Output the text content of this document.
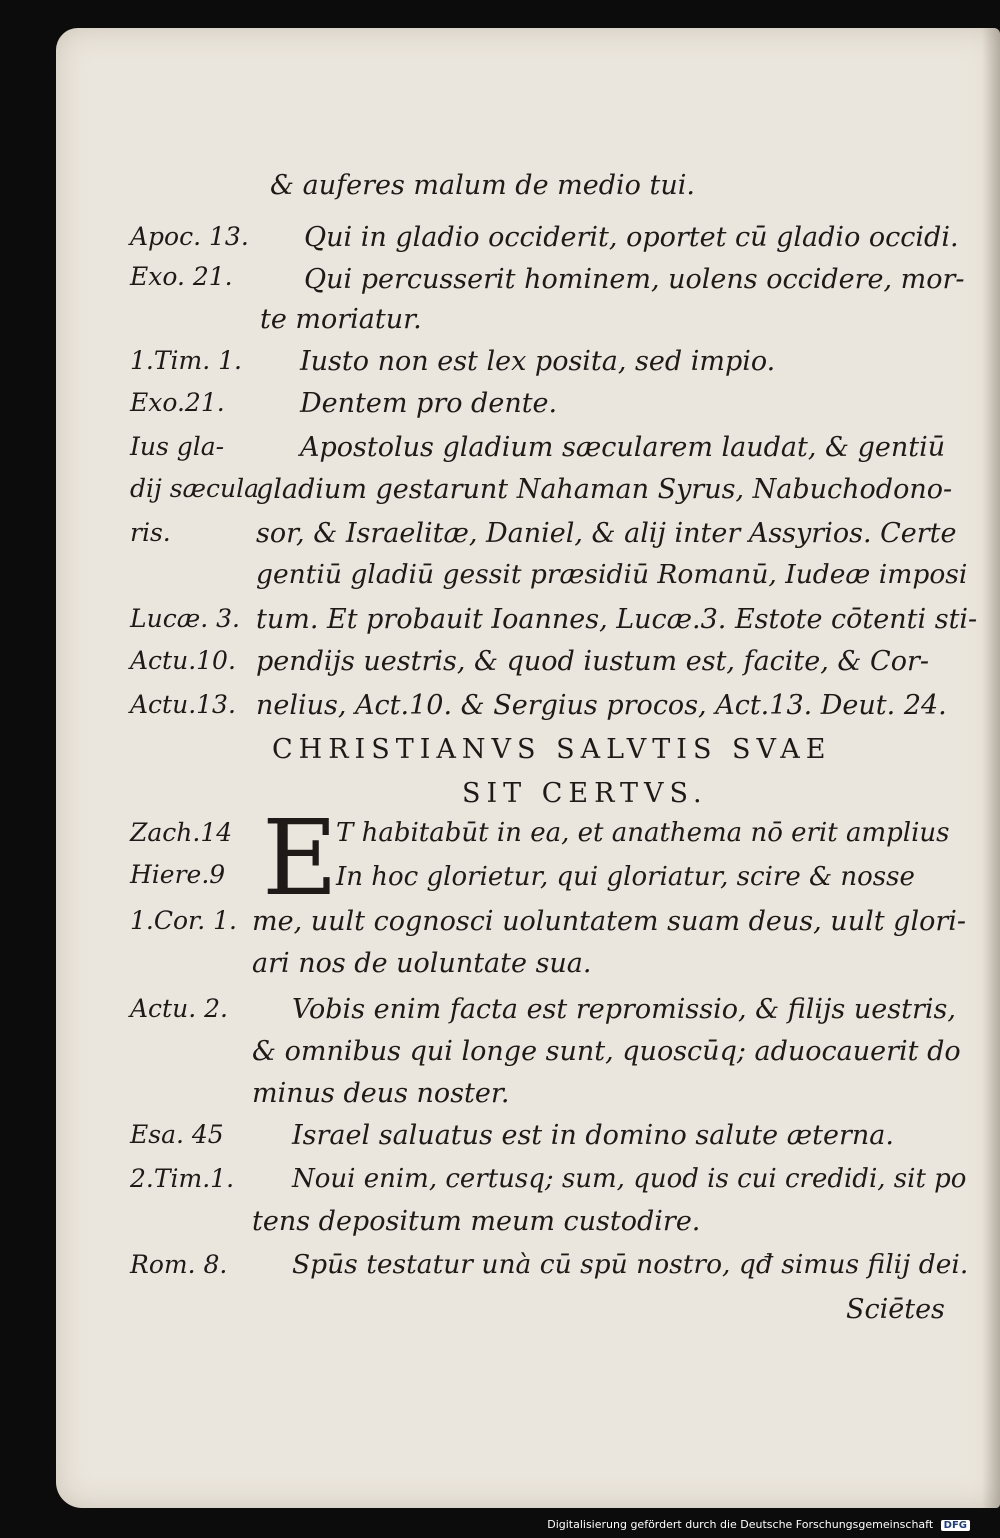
& auferes malum de medio tui.
Apoc. 13. Qui in gladio occiderit, oportet cū gladio occidi.
Exo. 21.	Qui percusserit hominem, uolens occidere, mor-
te moriatur.
1.Tim. 1. Iusto non est lex posita, sed impio.
Exo.21.	Dentem pro dente.
Ius gla-	Apostolus gladium sæcularem laudat, & gentiū
dij sæcula
gladium gestarunt Nahaman Syrus, Nabuchodono-
ris.	sor, & Israelitæ, Daniel, & alij inter Assyrios. Certe
gentiū gladiū gessit præsidiū Romanū, Iudeæ imposi
Lucæ. 3. tum. Et probauit Ioannes, Lucæ.3. Estote cōtenti sti-
Actu.10. pendijs uestris, & quod iustum est, facite, & Cor-
Actu.13. nelius, Act.10. & Sergius procos, Act.13. Deut. 24.
CHRISTIANVS SALVTIS SVAE
SIT CERTVS.
E
Zach.14	T habitabūt in ea, et anathema nō erit amplius
Hiere.9	In hoc glorietur, qui gloriatur, scire & nosse
1.Cor. 1. me, uult cognosci uoluntatem suam deus, uult glori-
ari nos de uoluntate sua.
Actu. 2. Vobis enim facta est repromissio, & filijs uestris,
& omnibus qui longe sunt, quoscūq; aduocauerit do
minus deus noster.
Esa. 45	Israel saluatus est in domino salute æterna.
2.Tim.1. Noui enim, certusq; sum, quod is cui credidi, sit po
tens depositum meum custodire.
Rom. 8. Spūs testatur unà cū spū nostro, qđ simus filij dei.
Sciētes
Digitalisierung gefördert durch die Deutsche Forschungsgemeinschaft DFG
